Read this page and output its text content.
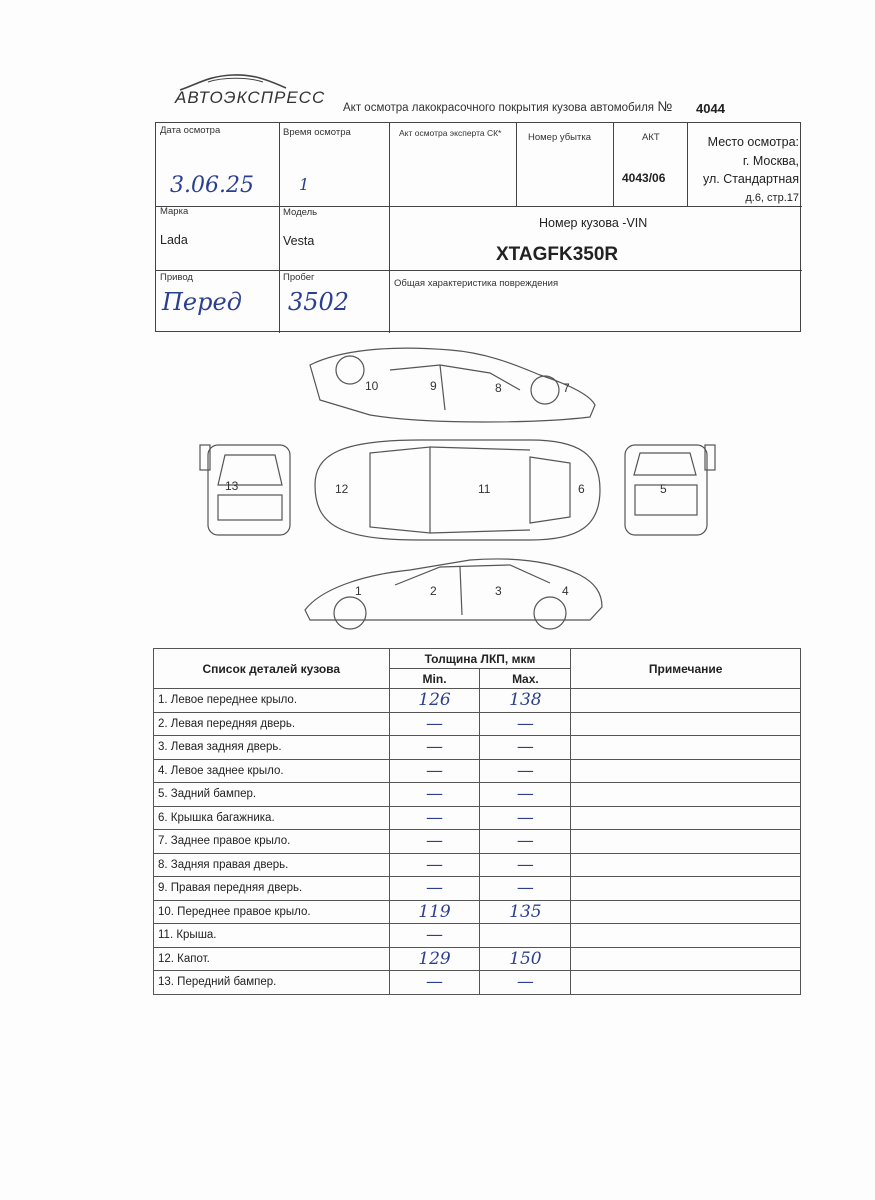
АВТОЭКСПРЕСС
Акт осмотра лакокрасочного покрытия кузова автомобиля № 4044
Дата осмотра
3.06.25
Время осмотра
1
Акт осмотра эксперта СК*	Номер убытка	АКТ
4043/06
Место осмотра:
г. Москва,
ул. Стандартная
д.6, стр.17
Марка
Lada
Модель
Vesta
Номер кузова -VIN
XTAGFK350R
Привод
Перед
Пробег
3502
Общая характеристика повреждения
10	9	8	7
13	12	11	6	5
1	2	3	4
Список деталей кузова	Толщина ЛКП, мкм		Примечание
	Min.	Max.	
1. Левое переднее крыло.	126	138	
2. Левая передняя дверь.	—	—	
3. Левая задняя дверь.	—	—	
4. Левое заднее крыло.	—	—	
5. Задний бампер.	—	—	
6. Крышка багажника.	—	—	
7. Заднее правое крыло.	—	—	
8. Задняя правая дверь.	—	—	
9. Правая передняя дверь.	—	—	
10. Переднее правое крыло.	119	135	
11. Крыша.	—		
12. Капот.	129	150	
13. Передний бампер.	—	—	
